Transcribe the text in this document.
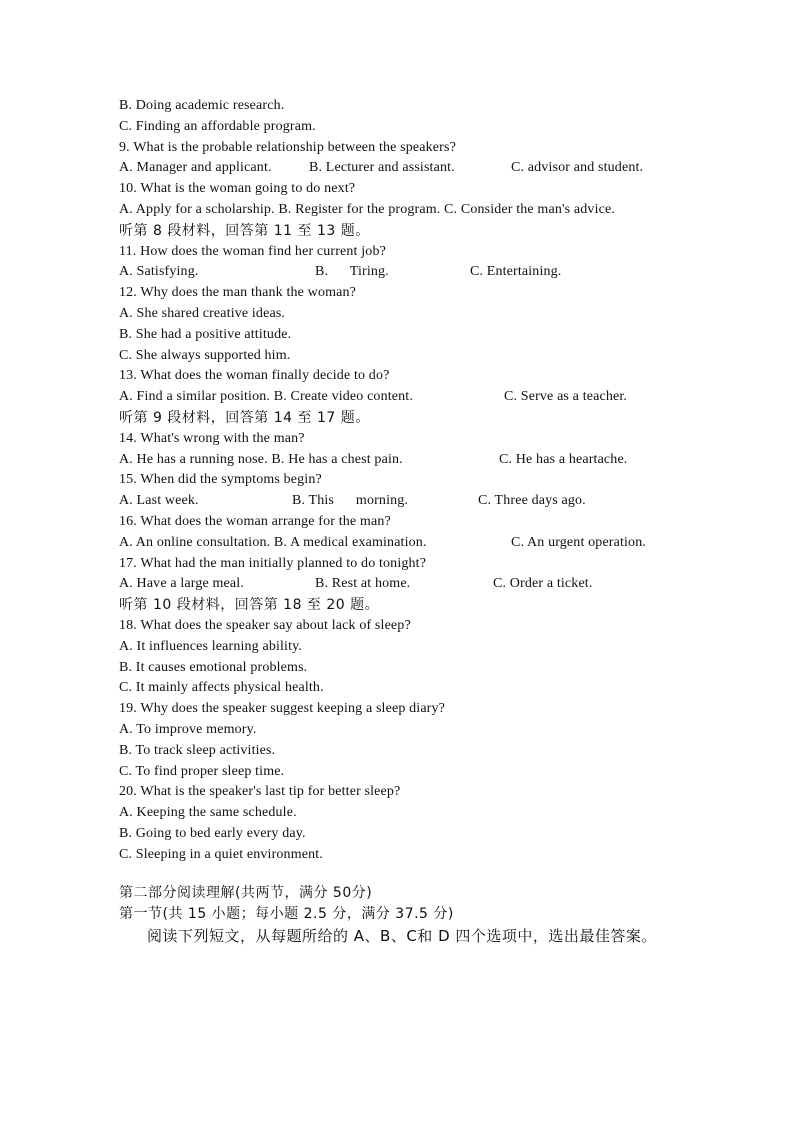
B. Doing academic research.
C. Finding an affordable program.
9. What is the probable relationship between the speakers?
A. Manager and applicant.	B. Lecturer and assistant.	C. advisor and student.
10. What is the woman going to do next?
A. Apply for a scholarship. B. Register for the program. C. Consider the man's advice.
听第 8 段材料，回答第 11 至 13 题。
11. How does the woman find her current job?
A. Satisfying.	B.      Tiring.	C. Entertaining.
12. Why does the man thank the woman?
A. She shared creative ideas.
B. She had a positive attitude.
C. She always supported him.
13. What does the woman finally decide to do?
A. Find a similar position. B. Create video content.	C. Serve as a teacher.
听第 9 段材料，回答第 14 至 17 题。
14. What's wrong with the man?
A. He has a running nose. B. He has a chest pain.	C. He has a heartache.
15. When did the symptoms begin?
A. Last week.	B. This      morning.	C. Three days ago.
16. What does the woman arrange for the man?
A. An online consultation. B. A medical examination.	C. An urgent operation.
17. What had the man initially planned to do tonight?
A. Have a large meal.	B. Rest at home.	C. Order a ticket.
听第 10 段材料，回答第 18 至 20 题。
18. What does the speaker say about lack of sleep?
A. It influences learning ability.
B. It causes emotional problems.
C. It mainly affects physical health.
19. Why does the speaker suggest keeping a sleep diary?
A. To improve memory.
B. To track sleep activities.
C. To find proper sleep time.
20. What is the speaker's last tip for better sleep?
A. Keeping the same schedule.
B. Going to bed early every day.
C. Sleeping in a quiet environment.
第二部分阅读理解(共两节，满分 50分)
第一节(共 15 小题；每小题 2.5 分，满分 37.5 分)
阅读下列短文，从每题所给的 A、B、C和 D 四个选项中，选出最佳答案。
